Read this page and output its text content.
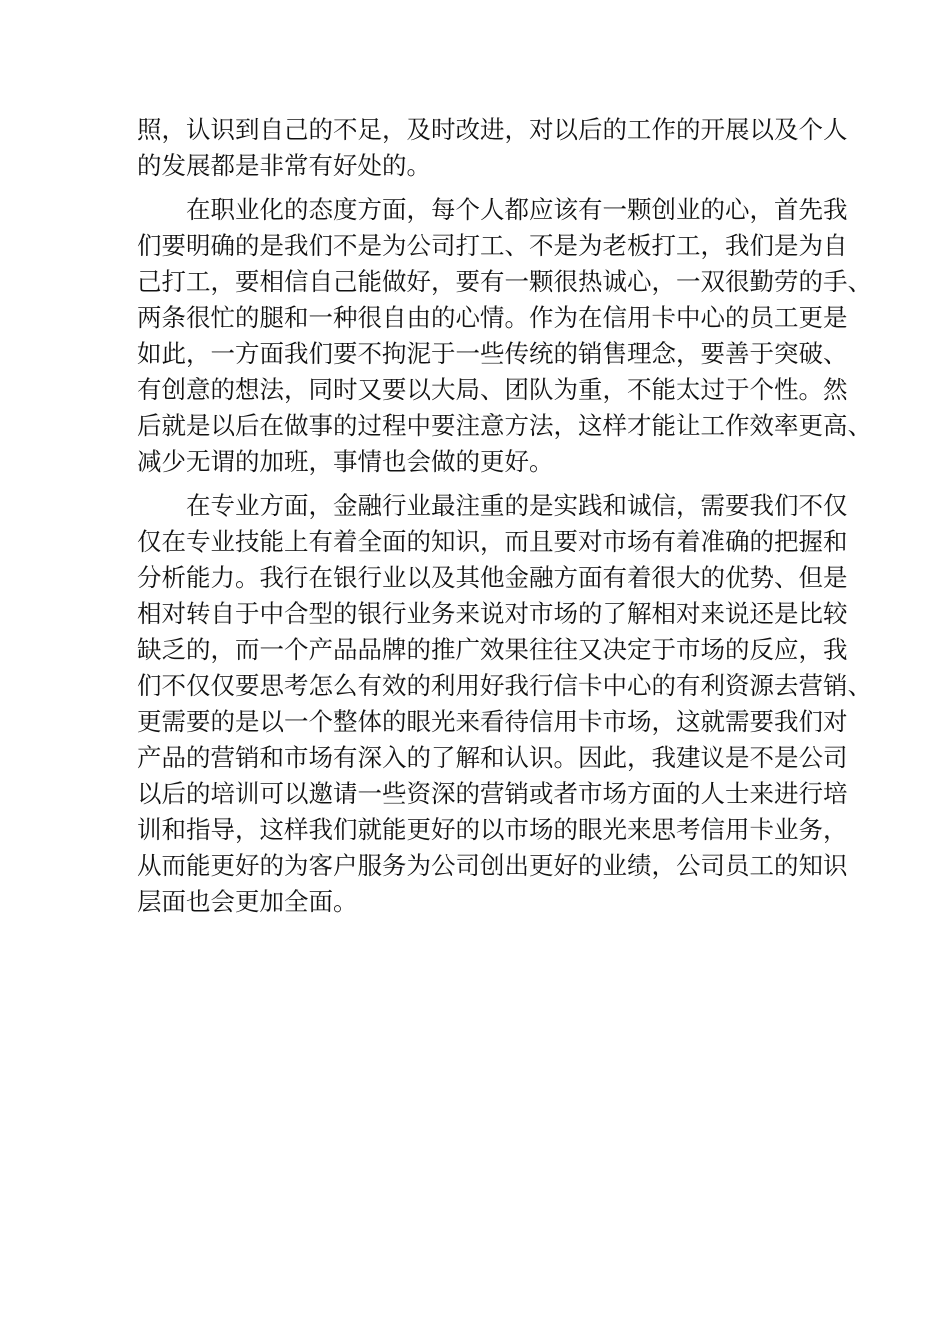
照，认识到自己的不足，及时改进，对以后的工作的开展以及个人

的发展都是非常有好处的。

　　在职业化的态度方面，每个人都应该有一颗创业的心，首先我

们要明确的是我们不是为公司打工、不是为老板打工，我们是为自

己打工，要相信自己能做好，要有一颗很热诚心，一双很勤劳的手、

两条很忙的腿和一种很自由的心情。作为在信用卡中心的员工更是

如此，一方面我们要不拘泥于一些传统的销售理念，要善于突破、

有创意的想法，同时又要以大局、团队为重，不能太过于个性。然

后就是以后在做事的过程中要注意方法，这样才能让工作效率更高、

减少无谓的加班，事情也会做的更好。

　　在专业方面，金融行业最注重的是实践和诚信，需要我们不仅

仅在专业技能上有着全面的知识，而且要对市场有着准确的把握和

分析能力。我行在银行业以及其他金融方面有着很大的优势、但是

相对转自于中合型的银行业务来说对市场的了解相对来说还是比较

缺乏的，而一个产品品牌的推广效果往往又决定于市场的反应，我

们不仅仅要思考怎么有效的利用好我行信卡中心的有利资源去营销、

更需要的是以一个整体的眼光来看待信用卡市场，这就需要我们对

产品的营销和市场有深入的了解和认识。因此，我建议是不是公司

以后的培训可以邀请一些资深的营销或者市场方面的人士来进行培

训和指导，这样我们就能更好的以市场的眼光来思考信用卡业务，

从而能更好的为客户服务为公司创出更好的业绩，公司员工的知识

层面也会更加全面。
